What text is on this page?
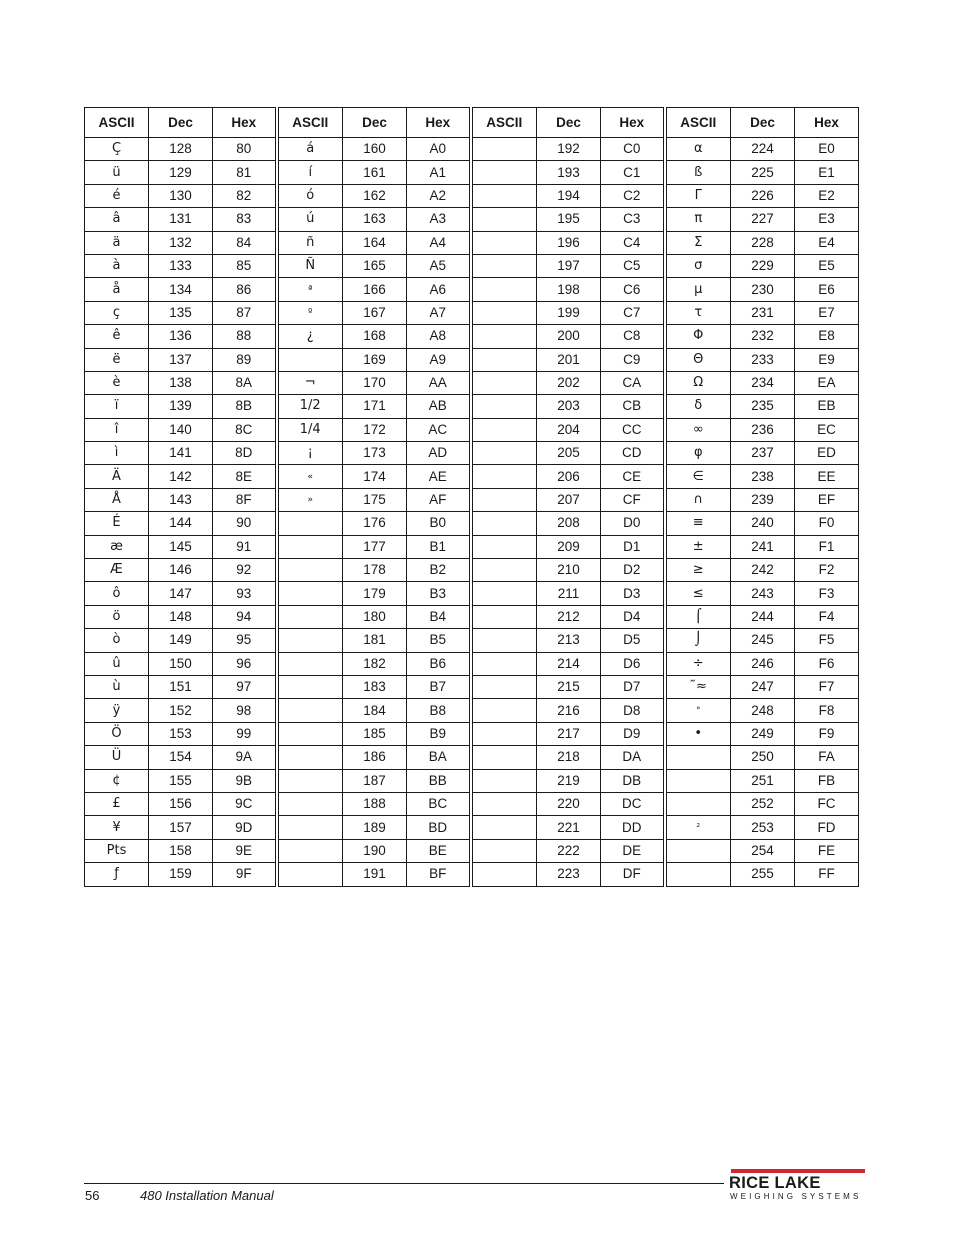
ASCII	Dec	Hex	ASCII	Dec	Hex	ASCII	Dec	Hex	ASCII	Dec	Hex
Ç	128	80	á	160	A0		192	C0	α	224	E0
ü	129	81	í	161	A1		193	C1	ß	225	E1
é	130	82	ó	162	A2		194	C2	Γ	226	E2
â	131	83	ú	163	A3		195	C3	π	227	E3
ä	132	84	ñ	164	A4		196	C4	Σ	228	E4
à	133	85	Ñ	165	A5		197	C5	σ	229	E5
å	134	86	ª	166	A6		198	C6	µ	230	E6
ç	135	87	º	167	A7		199	C7	τ	231	E7
ê	136	88	¿	168	A8		200	C8	Φ	232	E8
ë	137	89		169	A9		201	C9	Θ	233	E9
è	138	8A	¬	170	AA		202	CA	Ω	234	EA
ï	139	8B	1/2	171	AB		203	CB	δ	235	EB
î	140	8C	1/4	172	AC		204	CC	∞	236	EC
ì	141	8D	¡	173	AD		205	CD	φ	237	ED
Ä	142	8E	«	174	AE		206	CE	∈	238	EE
Å	143	8F	»	175	AF		207	CF	∩	239	EF
É	144	90		176	B0		208	D0	≡	240	F0
æ	145	91		177	B1		209	D1	±	241	F1
Æ	146	92		178	B2		210	D2	≥	242	F2
ô	147	93		179	B3		211	D3	≤	243	F3
ö	148	94		180	B4		212	D4	⌠	244	F4
ò	149	95		181	B5		213	D5	⌡	245	F5
û	150	96		182	B6		214	D6	÷	246	F6
ù	151	97		183	B7		215	D7	˜≈	247	F7
ÿ	152	98		184	B8		216	D8	°	248	F8
Ö	153	99		185	B9		217	D9	•	249	F9
Ü	154	9A		186	BA		218	DA		250	FA
¢	155	9B		187	BB		219	DB		251	FB
£	156	9C		188	BC		220	DC		252	FC
¥	157	9D		189	BD		221	DD	²	253	FD
Pts	158	9E		190	BE		222	DE		254	FE
ƒ	159	9F		191	BF		223	DF		255	FF
56	480 Installation Manual
RICE LAKE
WEIGHING SYSTEMS
